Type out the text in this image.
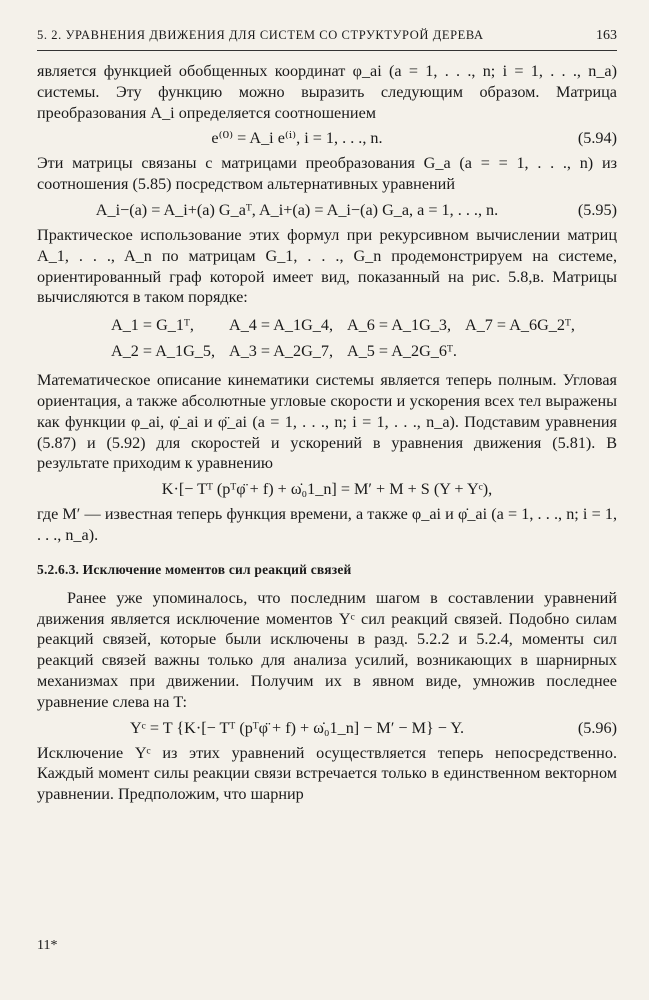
5. 2. УРАВНЕНИЯ ДВИЖЕНИЯ ДЛЯ СИСТЕМ СО СТРУКТУРОЙ ДЕРЕВА	163

является функцией обобщенных координат φ_ai (a = 1, . . ., n; i = 1, . . ., n_a) системы. Эту функцию можно выразить следующим образом. Матрица преобразования A_i определяется соотношением

e⁽⁰⁾ = A_i e⁽ⁱ⁾, i = 1, . . ., n.	(5.94)

Эти матрицы связаны с матрицами преобразования G_a (a = = 1, . . ., n) из соотношения (5.85) посредством альтернативных уравнений

A_i−(a) = A_i+(a) G_aᵀ, A_i+(a) = A_i−(a) G_a, a = 1, . . ., n.	(5.95)

Практическое использование этих формул при рекурсивном вычислении матриц A_1, . . ., A_n по матрицам G_1, . . ., G_n продемонстрируем на системе, ориентированный граф которой имеет вид, показанный на рис. 5.8,в. Матрицы вычисляются в таком порядке:

A_1 = G_1ᵀ, A_4 = A_1G_4, A_6 = A_1G_3, A_7 = A_6G_2ᵀ,
A_2 = A_1G_5, A_3 = A_2G_7, A_5 = A_2G_6ᵀ.

Математическое описание кинематики системы является теперь полным. Угловая ориентация, а также абсолютные угловые скорости и ускорения всех тел выражены как функции φ_ai, φ̇_ai и φ̈_ai (a = 1, . . ., n; i = 1, . . ., n_a). Подставим уравнения (5.87) и (5.92) для скоростей и ускорений в уравнения движения (5.81). В результате приходим к уравнению

K·[− Tᵀ (pᵀφ̈ + f) + ω̇₀1_n] = M′ + M + S (Y + Yᶜ),

где M′ — известная теперь функция времени, а также φ_ai и φ̇_ai (a = 1, . . ., n; i = 1, . . ., n_a).

5.2.6.3. Исключение моментов сил реакций связей

Ранее уже упоминалось, что последним шагом в составлении уравнений движения является исключение моментов Yᶜ сил реакций связей. Подобно силам реакций связей, которые были исключены в разд. 5.2.2 и 5.2.4, моменты сил реакций связей важны только для анализа усилий, возникающих в шарнирных механизмах при движении. Получим их в явном виде, умножив последнее уравнение слева на T:

Yᶜ = T {K·[− Tᵀ (pᵀφ̈ + f) + ω̇₀1_n] − M′ − M} − Y.	(5.96)

Исключение Yᶜ из этих уравнений осуществляется теперь непосредственно. Каждый момент силы реакции связи встречается только в единственном векторном уравнении. Предположим, что шарнир

11*
